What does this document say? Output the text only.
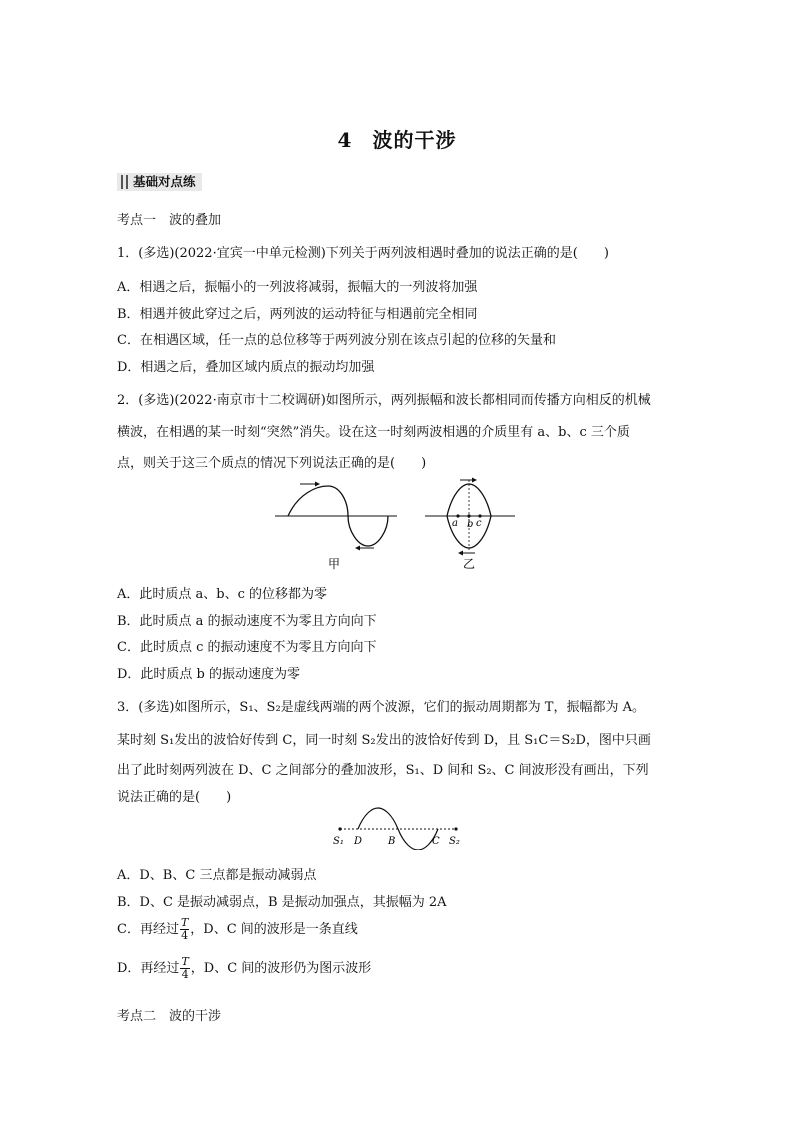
4 波的干涉
基础对点练
考点一　波的叠加
1．(多选)(2022·宜宾一中单元检测)下列关于两列波相遇时叠加的说法正确的是(　　)
A．相遇之后，振幅小的一列波将减弱，振幅大的一列波将加强
B．相遇并彼此穿过之后，两列波的运动特征与相遇前完全相同
C．在相遇区域，任一点的总位移等于两列波分别在该点引起的位移的矢量和
D．相遇之后，叠加区域内质点的振动均加强
2．(多选)(2022·南京市十二校调研)如图所示，两列振幅和波长都相同而传播方向相反的机械
横波，在相遇的某一时刻“突然”消失。设在这一时刻两波相遇的介质里有 a、b、c 三个质
点，则关于这三个质点的情况下列说法正确的是(　　)
甲
a b c
乙
A．此时质点 a、b、c 的位移都为零
B．此时质点 a 的振动速度不为零且方向向下
C．此时质点 c 的振动速度不为零且方向向下
D．此时质点 b 的振动速度为零
3．(多选)如图所示，S₁、S₂是虚线两端的两个波源，它们的振动周期都为 T，振幅都为 A。
某时刻 S₁发出的波恰好传到 C，同一时刻 S₂发出的波恰好传到 D，且 S₁C＝S₂D，图中只画
出了此时刻两列波在 D、C 之间部分的叠加波形，S₁、D 间和 S₂、C 间波形没有画出，下列
说法正确的是(　　)
S₁ D	B	C S₂
A．D、B、C 三点都是振动减弱点
B．D、C 是振动减弱点，B 是振动加强点，其振幅为 2A
C．再经过 $\frac{T}{4}$ ，D、C 间的波形是一条直线
D．再经过 $\frac{T}{4}$ ，D、C 间的波形仍为图示波形
考点二　波的干涉
